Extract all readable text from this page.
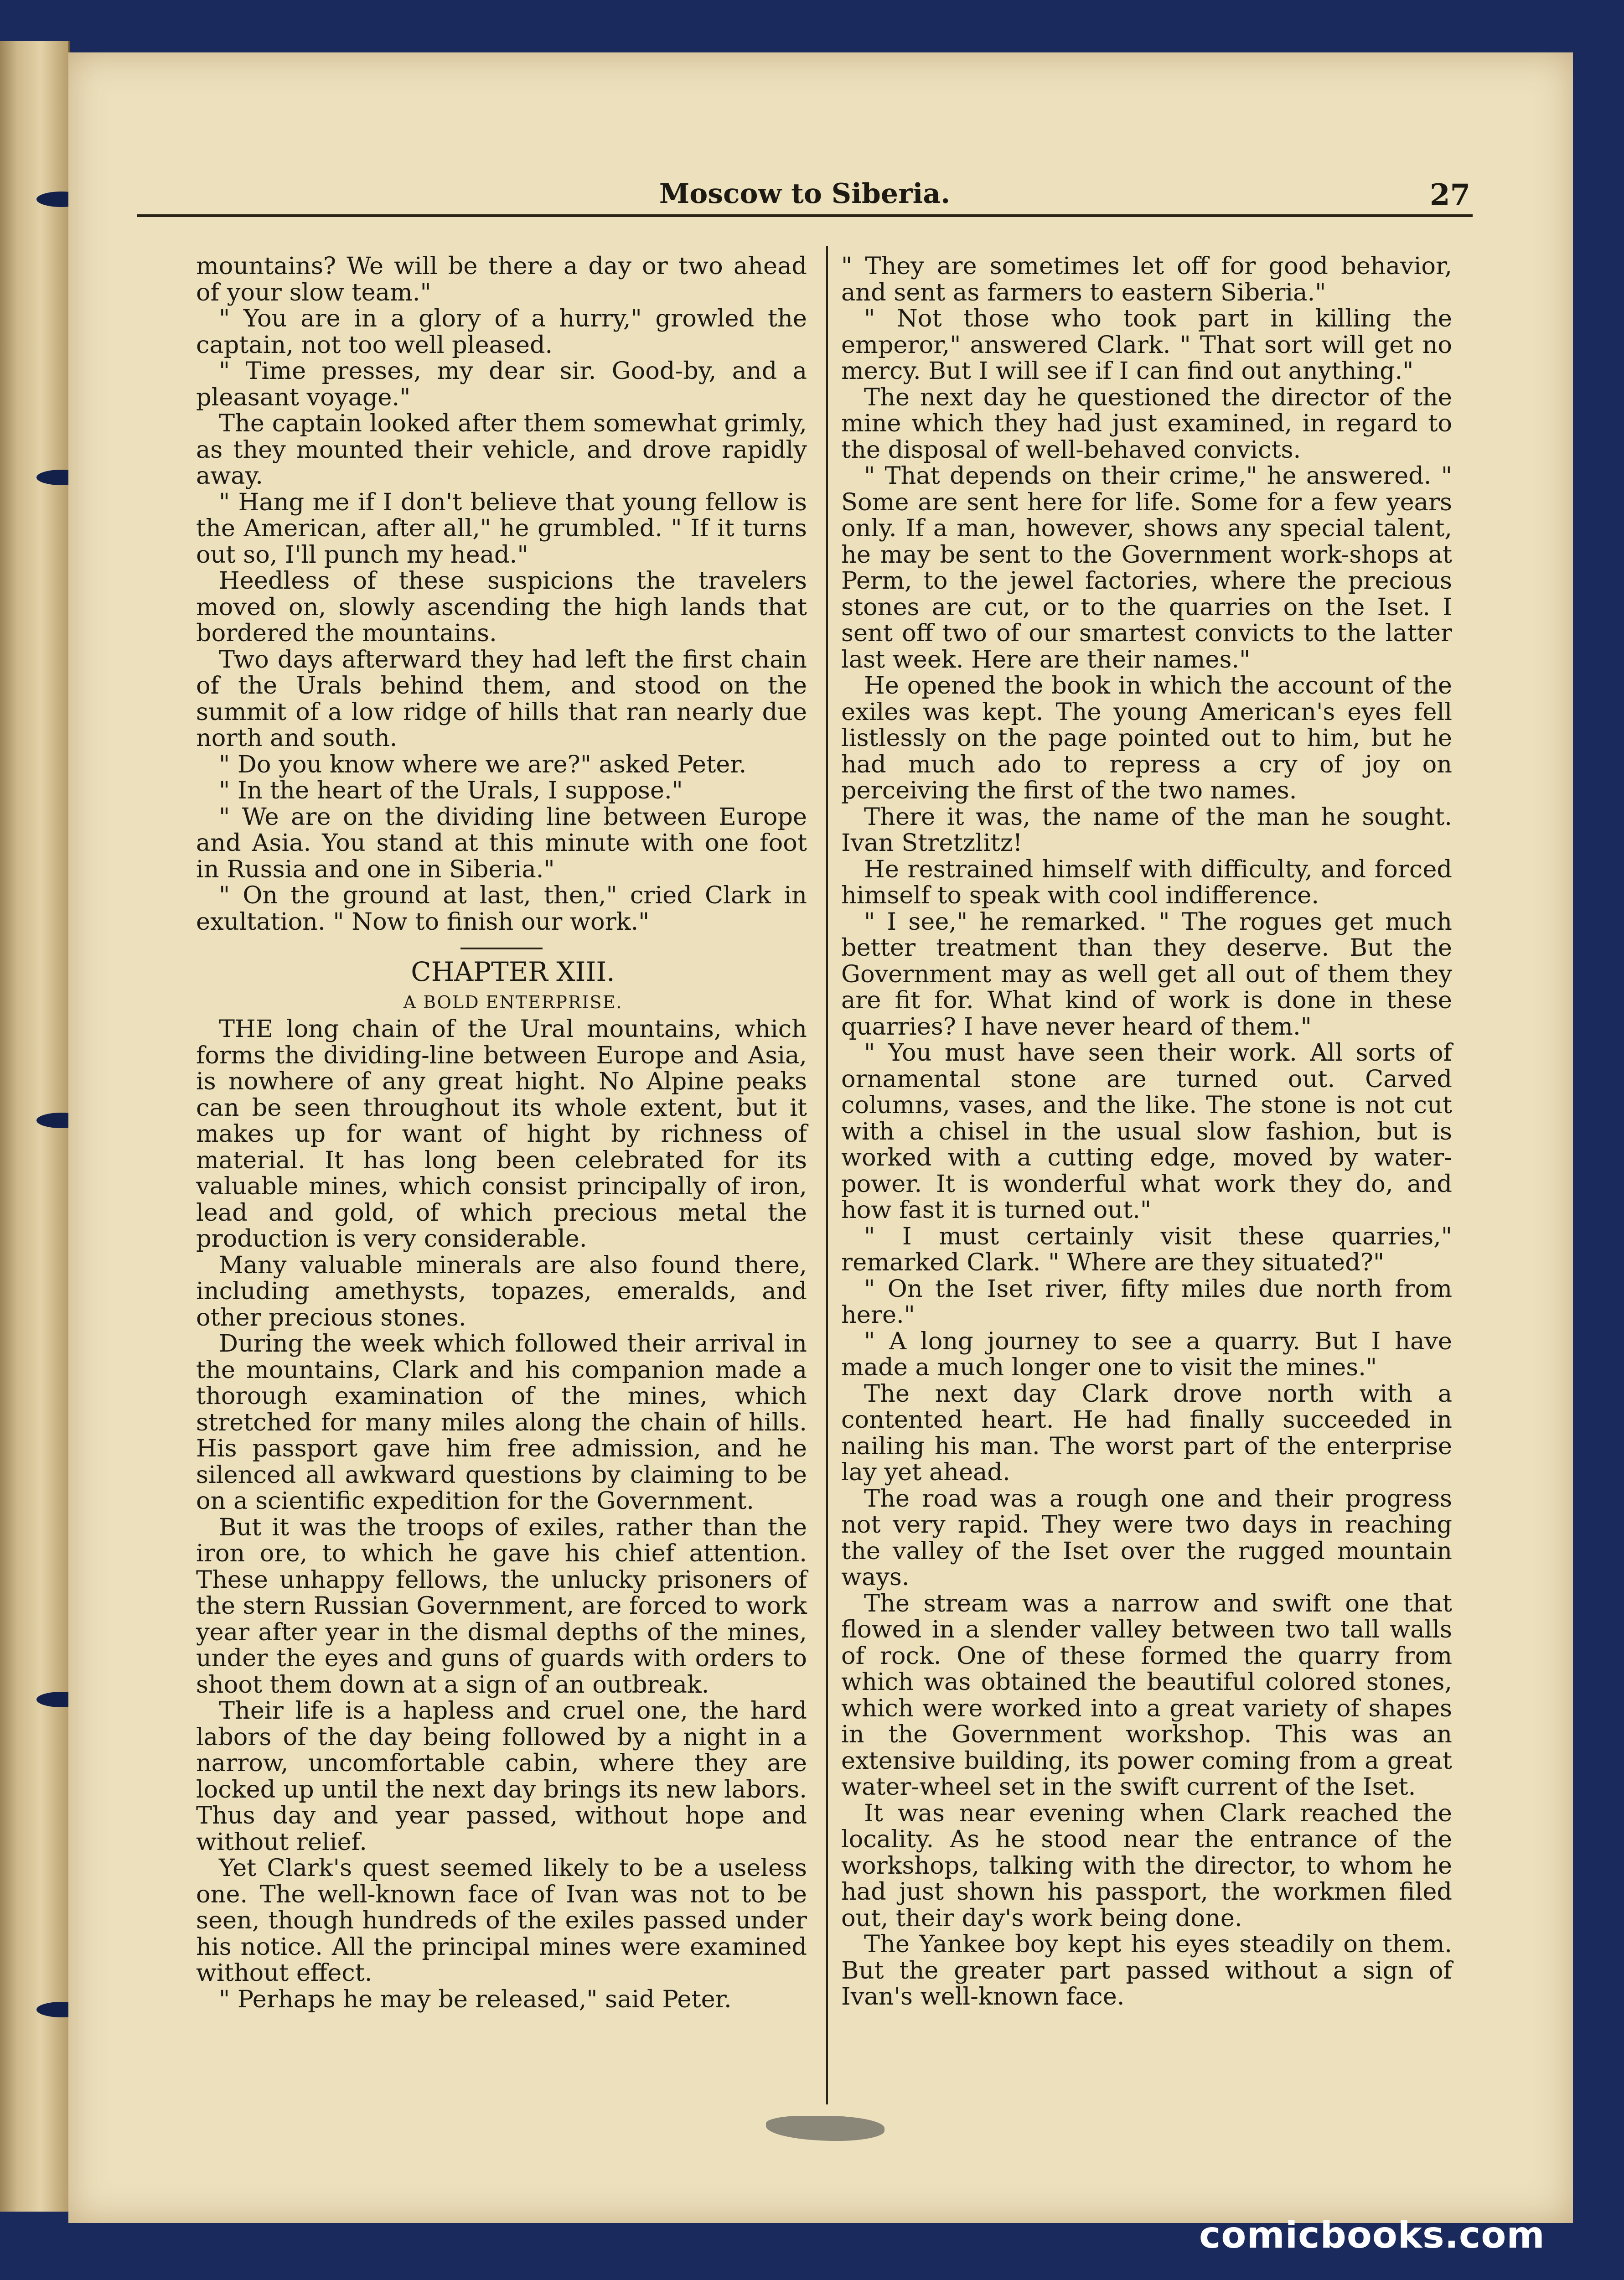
Moscow to Siberia.	27

mountains? We will be there a day or two ahead of your slow team."

" You are in a glory of a hurry," growled the captain, not too well pleased.

" Time presses, my dear sir. Good-by, and a pleasant voyage."

The captain looked after them somewhat grimly, as they mounted their vehicle, and drove rapidly away.

" Hang me if I don't believe that young fellow is the American, after all," he grumbled. " If it turns out so, I'll punch my head."

Heedless of these suspicions the travelers moved on, slowly ascending the high lands that bordered the mountains.

Two days afterward they had left the first chain of the Urals behind them, and stood on the summit of a low ridge of hills that ran nearly due north and south.

" Do you know where we are?" asked Peter.

" In the heart of the Urals, I suppose."

" We are on the dividing line between Europe and Asia. You stand at this minute with one foot in Russia and one in Siberia."

" On the ground at last, then," cried Clark in exultation. " Now to finish our work."

CHAPTER XIII.

A BOLD ENTERPRISE.

THE long chain of the Ural mountains, which forms the dividing-line between Europe and Asia, is nowhere of any great hight. No Alpine peaks can be seen throughout its whole extent, but it makes up for want of hight by richness of material. It has long been celebrated for its valuable mines, which consist principally of iron, lead and gold, of which precious metal the production is very considerable.

Many valuable minerals are also found there, including amethysts, topazes, emeralds, and other precious stones.

During the week which followed their arrival in the mountains, Clark and his companion made a thorough examination of the mines, which stretched for many miles along the chain of hills. His passport gave him free admission, and he silenced all awkward questions by claiming to be on a scientific expedition for the Government.

But it was the troops of exiles, rather than the iron ore, to which he gave his chief attention. These unhappy fellows, the unlucky prisoners of the stern Russian Government, are forced to work year after year in the dismal depths of the mines, under the eyes and guns of guards with orders to shoot them down at a sign of an outbreak.

Their life is a hapless and cruel one, the hard labors of the day being followed by a night in a narrow, uncomfortable cabin, where they are locked up until the next day brings its new labors. Thus day and year passed, without hope and without relief.

Yet Clark's quest seemed likely to be a useless one. The well-known face of Ivan was not to be seen, though hundreds of the exiles passed under his notice. All the principal mines were examined without effect.

" Perhaps he may be released," said Peter.

" They are sometimes let off for good behavior, and sent as farmers to eastern Siberia."

" Not those who took part in killing the emperor," answered Clark. " That sort will get no mercy. But I will see if I can find out anything."

The next day he questioned the director of the mine which they had just examined, in regard to the disposal of well-behaved convicts.

" That depends on their crime," he answered. " Some are sent here for life. Some for a few years only. If a man, however, shows any special talent, he may be sent to the Government work-shops at Perm, to the jewel factories, where the precious stones are cut, or to the quarries on the Iset. I sent off two of our smartest convicts to the latter last week. Here are their names."

He opened the book in which the account of the exiles was kept. The young American's eyes fell listlessly on the page pointed out to him, but he had much ado to repress a cry of joy on perceiving the first of the two names.

There it was, the name of the man he sought. Ivan Stretzlitz!

He restrained himself with difficulty, and forced himself to speak with cool indifference.

" I see," he remarked. " The rogues get much better treatment than they deserve. But the Government may as well get all out of them they are fit for. What kind of work is done in these quarries? I have never heard of them."

" You must have seen their work. All sorts of ornamental stone are turned out. Carved columns, vases, and the like. The stone is not cut with a chisel in the usual slow fashion, but is worked with a cutting edge, moved by water-power. It is wonderful what work they do, and how fast it is turned out."

" I must certainly visit these quarries," remarked Clark. " Where are they situated?"

" On the Iset river, fifty miles due north from here."

" A long journey to see a quarry. But I have made a much longer one to visit the mines."

The next day Clark drove north with a contented heart. He had finally succeeded in nailing his man. The worst part of the enterprise lay yet ahead.

The road was a rough one and their progress not very rapid. They were two days in reaching the valley of the Iset over the rugged mountain ways.

The stream was a narrow and swift one that flowed in a slender valley between two tall walls of rock. One of these formed the quarry from which was obtained the beautiful colored stones, which were worked into a great variety of shapes in the Government workshop. This was an extensive building, its power coming from a great water-wheel set in the swift current of the Iset.

It was near evening when Clark reached the locality. As he stood near the entrance of the workshops, talking with the director, to whom he had just shown his passport, the workmen filed out, their day's work being done.

The Yankee boy kept his eyes steadily on them. But the greater part passed without a sign of Ivan's well-known face.

comicbooks.com
